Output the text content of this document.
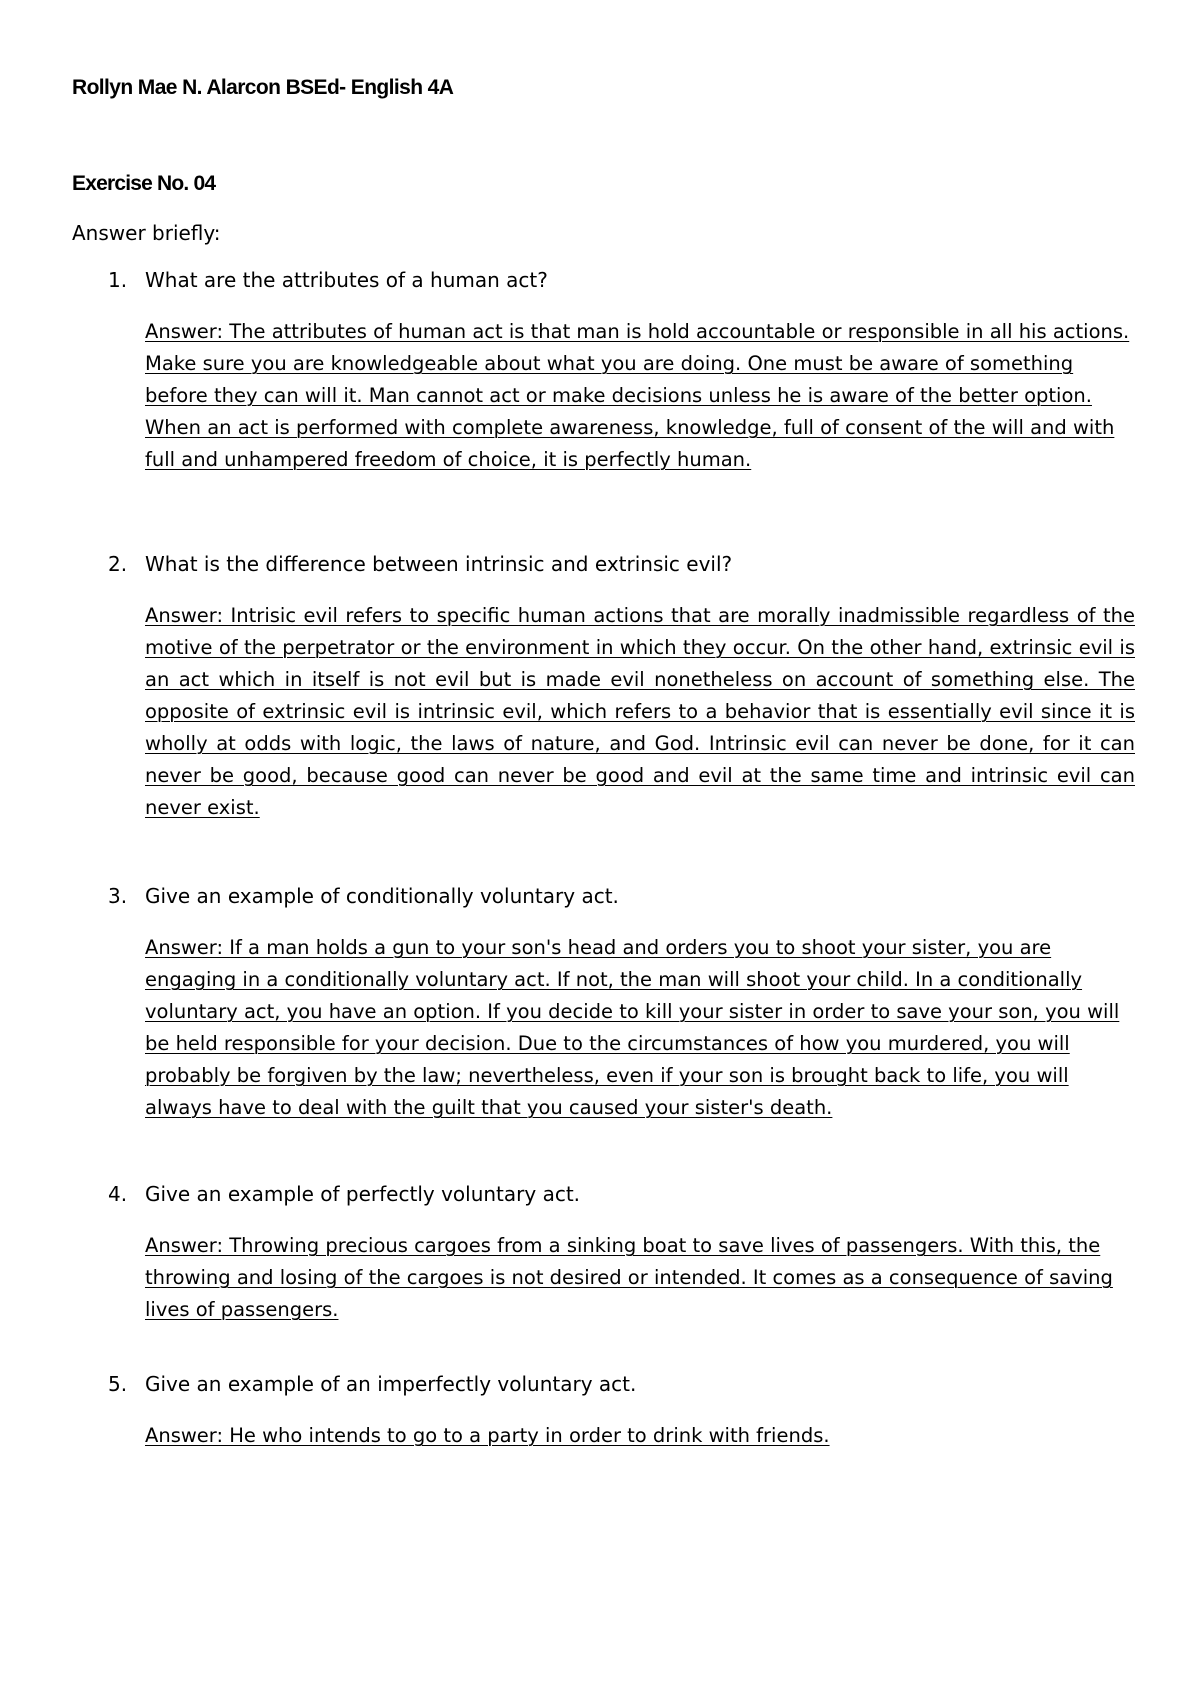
Rollyn Mae N. Alarcon BSEd- English 4A

Exercise No. 04

Answer briefly:

1. What are the attributes of a human act?

Answer: The attributes of human act is that man is hold accountable or responsible in all his actions. Make sure you are knowledgeable about what you are doing. One must be aware of something before they can will it. Man cannot act or make decisions unless he is aware of the better option. When an act is performed with complete awareness, knowledge, full of consent of the will and with full and unhampered freedom of choice, it is perfectly human.

2. What is the difference between intrinsic and extrinsic evil?

Answer: Intrisic evil refers to specific human actions that are morally inadmissible regardless of the motive of the perpetrator or the environment in which they occur. On the other hand, extrinsic evil is an act which in itself is not evil but is made evil nonetheless on account of something else. The opposite of extrinsic evil is intrinsic evil, which refers to a behavior that is essentially evil since it is wholly at odds with logic, the laws of nature, and God. Intrinsic evil can never be done, for it can never be good, because good can never be good and evil at the same time and intrinsic evil can never exist.

3. Give an example of conditionally voluntary act.

Answer: If a man holds a gun to your son's head and orders you to shoot your sister, you are engaging in a conditionally voluntary act. If not, the man will shoot your child. In a conditionally voluntary act, you have an option. If you decide to kill your sister in order to save your son, you will be held responsible for your decision. Due to the circumstances of how you murdered, you will probably be forgiven by the law; nevertheless, even if your son is brought back to life, you will always have to deal with the guilt that you caused your sister's death.

4. Give an example of perfectly voluntary act.

Answer: Throwing precious cargoes from a sinking boat to save lives of passengers. With this, the throwing and losing of the cargoes is not desired or intended. It comes as a consequence of saving lives of passengers.

5. Give an example of an imperfectly voluntary act.

Answer: He who intends to go to a party in order to drink with friends.
